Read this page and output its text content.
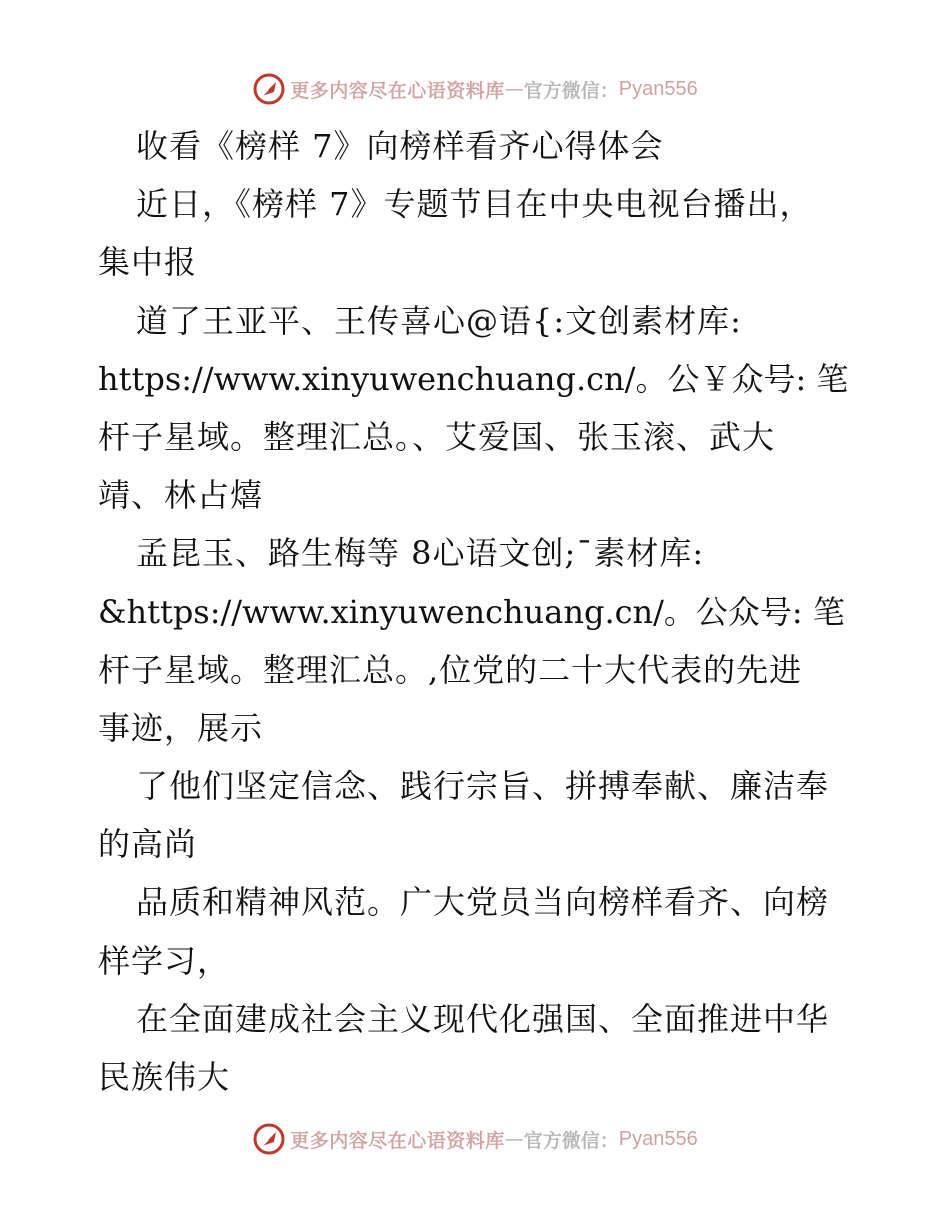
更多内容尽在心语资料库 — 官方微信： Pyan556
收看《榜样 7》向榜样看齐心得体会
近日，《榜样 7》专题节目在中央电视台播出，
集中报
道了王亚平、王传喜心@语{:文创素材库:
https://www.xinyuwenchuang.cn/。公￥众号: 笔
杆子星域。整理汇总。、艾爱国、张玉滚、武大
靖、林占熺
孟昆玉、路生梅等 8心语文创;¯素材库:
&https://www.xinyuwenchuang.cn/。公众号: 笔
杆子星域。整理汇总。,位党的二十大代表的先进
事迹，展示
了他们坚定信念、践行宗旨、拼搏奉献、廉洁奉
的高尚
品质和精神风范。广大党员当向榜样看齐、向榜
样学习，
在全面建成社会主义现代化强国、全面推进中华
民族伟大
更多内容尽在心语资料库 — 官方微信： Pyan556
